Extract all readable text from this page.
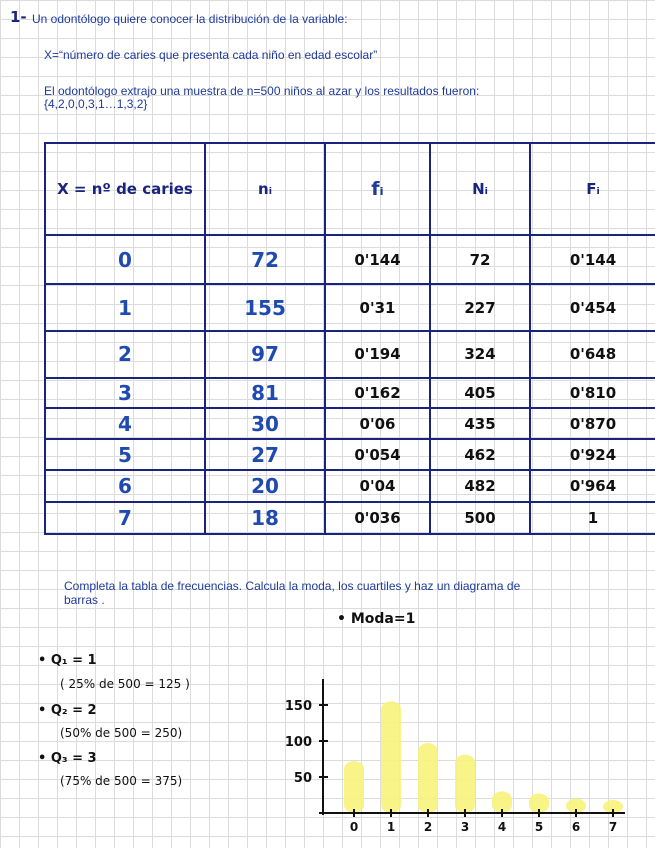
1- Un odontólogo quiere conocer la distribución de la variable:
X=“número de caries que presenta cada niño en edad escolar”
El odontólogo extrajo una muestra de n=500 niños al azar y los resultados fueron:
{4,2,0,0,3,1…1,3,2}
X = nº de caries	nᵢ	fᵢ	Nᵢ	Fᵢ
0	72	0'144	72	0'144
1	155	0'31	227	0'454
2	97	0'194	324	0'648
3	81	0'162	405	0'810
4	30	0'06	435	0'870
5	27	0'054	462	0'924
6	20	0'04	482	0'964
7	18	0'036	500	1
Completa la tabla de frecuencias. Calcula la moda, los cuartiles y haz un diagrama de
barras .
• Moda=1
• Q₁ = 1
( 25% de 500 = 125 )
• Q₂ = 2
(50% de 500 = 250)
• Q₃ = 3
(75% de 500 = 375)	50
100
150
0 1 2 3 4 5 6 7
